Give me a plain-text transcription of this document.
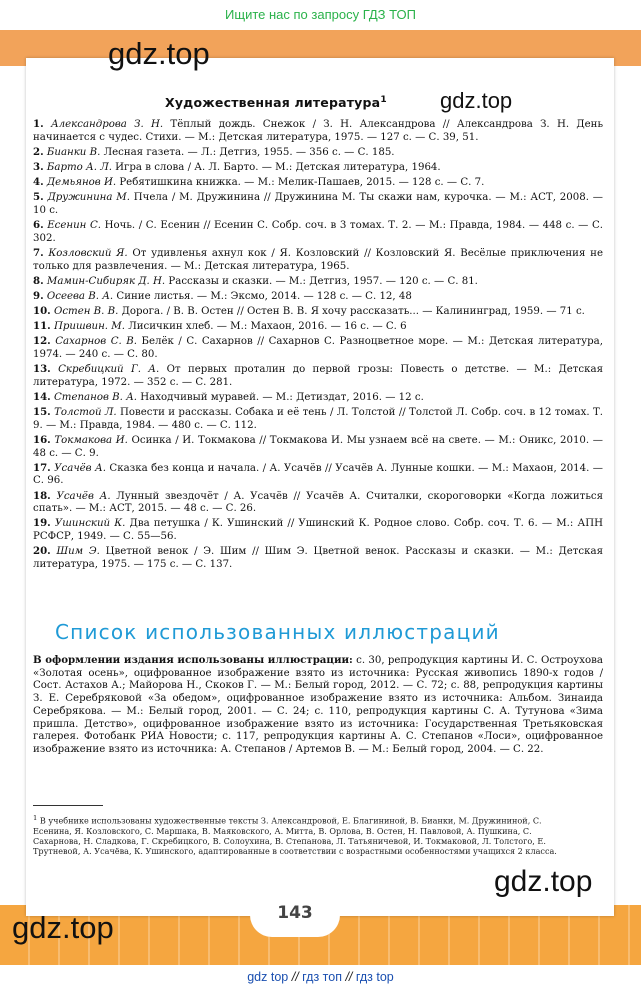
Ищите нас по запросу ГДЗ ТОП
gdz.top
gdz.top
Художественная литература$^1$

1. Александрова З. Н. Тёплый дождь. Снежок / З. Н. Александрова // Александрова З. Н. День начинается с чудес. Стихи. — М.: Детская литература, 1975. — 127 с. — С. 39, 51.

2. Бианки В. Лесная газета. — Л.: Детгиз, 1955. — 356 с. — С. 185.

3. Барто А. Л. Игра в слова / А. Л. Барто. — М.: Детская литература, 1964.

4. Демьянов И. Ребятишкина книжка. — М.: Мелик-Пашаев, 2015. — 128 с. — С. 7.

5. Дружинина М. Пчела / М. Дружинина // Дружинина М. Ты скажи нам, курочка. — М.: АСТ, 2008. — 10 с.

6. Есенин С. Ночь. / С. Есенин // Есенин С. Собр. соч. в 3 томах. Т. 2. — М.: Правда, 1984. — 448 с. — С. 302.

7. Козловский Я. От удивленья ахнул кок / Я. Козловский // Козловский Я. Весёлые приключения не только для развлечения. — М.: Детская литература, 1965.

8. Мамин-Сибиряк Д. Н. Рассказы и сказки. — М.: Детгиз, 1957. — 120 с. — С. 81.

9. Осеева В. А. Синие листья. — М.: Эксмо, 2014. — 128 с. — С. 12, 48

10. Остен В. В. Дорога. / В. В. Остен // Остен В. В. Я хочу рассказать... — Калининград, 1959. — 71 с.

11. Пришвин. М. Лисичкин хлеб. — М.: Махаон, 2016. — 16 с. — С. 6

12. Сахарнов С. В. Белёк / С. Сахарнов // Сахарнов С. Разноцветное море. — М.: Детская литература, 1974. — 240 с. — С. 80.

13. Скребицкий Г. А. От первых проталин до первой грозы: Повесть о детстве. — М.: Детская литература, 1972. — 352 с. — С. 281.

14. Степанов В. А. Находчивый муравей. — М.: Детиздат, 2016. — 12 с.

15. Толстой Л. Повести и рассказы. Собака и её тень / Л. Толстой // Толстой Л. Собр. соч. в 12 томах. Т. 9. — М.: Правда, 1984. — 480 с. — С. 112.

16. Токмакова И. Осинка / И. Токмакова // Токмакова И. Мы узнаем всё на свете. — М.: Оникс, 2010. — 48 с. — С. 9.

17. Усачёв А. Сказка без конца и начала. / А. Усачёв // Усачёв А. Лунные кошки. — М.: Махаон, 2014. — С. 96.

18. Усачёв А. Лунный звездочёт / А. Усачёв // Усачёв А. Считалки, скороговорки «Когда ложиться спать». — М.: АСТ, 2015. — 48 с. — С. 26.

19. Ушинский К. Два петушка / К. Ушинский // Ушинский К. Родное слово. Собр. соч. Т. 6. — М.: АПН РСФСР, 1949. — С. 55—56.

20. Шим Э. Цветной венок / Э. Шим // Шим Э. Цветной венок. Рассказы и сказки. — М.: Детская литература, 1975. — 175 с. — С. 137.

Список использованных иллюстраций
В оформлении издания использованы иллюстрации: с. 30, репродукция картины И. С. Остроухова «Золотая осень», оцифрованное изображение взято из источника: Русская живопись 1890-х годов / Сост. Астахов А.; Майорова Н., Скоков Г. — М.: Белый город, 2012. — С. 72; с. 88, репродукция картины З. Е. Серебряковой «За обедом», оцифрованное изображение взято из источника: Альбом. Зинаида Серебрякова. — М.: Белый город, 2001. — С. 24; с. 110, репродукция картины С. А. Тутунова «Зима пришла. Детство», оцифрованное изображение взято из источника: Государственная Третьяковская галерея. Фотобанк РИА Новости; с. 117, репродукция картины А. С. Степанов «Лоси», оцифрованное изображение взято из источника: А. Степанов / Артемов В. — М.: Белый город, 2004. — С. 22.
$^1$ В учебнике использованы художественные тексты З. Александровой, Е. Благининой, В. Бианки, М. Дружининой, С. Есенина, Я. Козловского, С. Маршака, В. Маяковского, А. Митта, В. Орлова, В. Остен, Н. Павловой, А. Пушкина, С. Сахарнова, Н. Сладкова, Г. Скребицкого, В. Солоухина, В. Степанова, Л. Татьяничевой, И. Токмаковой, Л. Толстого, Е. Трутневой, А. Усачёва, К. Ушинского, адаптированные в соответствии с возрастными особенностями учащихся 2 класса.
gdz.top
gdz.top	143
gdz top // гдз топ // гдз top
